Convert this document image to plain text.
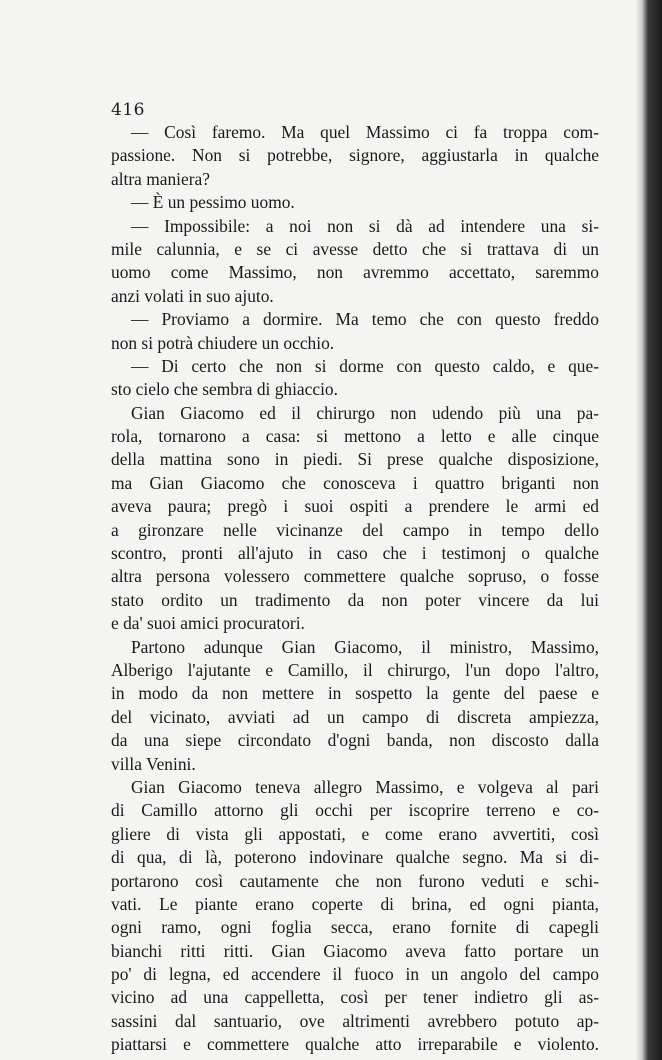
416
— Così faremo. Ma quel Massimo ci fa troppa com-
passione. Non si potrebbe, signore, aggiustarla in qualche
altra maniera?
— È un pessimo uomo.
— Impossibile: a noi non si dà ad intendere una si-
mile calunnia, e se ci avesse detto che si trattava di un
uomo come Massimo, non avremmo accettato, saremmo
anzi volati in suo ajuto.
— Proviamo a dormire. Ma temo che con questo freddo
non si potrà chiudere un occhio.
— Di certo che non si dorme con questo caldo, e que-
sto cielo che sembra di ghiaccio.
Gian Giacomo ed il chirurgo non udendo più una pa-
rola, tornarono a casa: si mettono a letto e alle cinque
della mattina sono in piedi. Si prese qualche disposizione,
ma Gian Giacomo che conosceva i quattro briganti non
aveva paura; pregò i suoi ospiti a prendere le armi ed
a gironzare nelle vicinanze del campo in tempo dello
scontro, pronti all'ajuto in caso che i testimonj o qualche
altra persona volessero commettere qualche sopruso, o fosse
stato ordito un tradimento da non poter vincere da lui
e da' suoi amici procuratori.
Partono adunque Gian Giacomo, il ministro, Massimo,
Alberigo l'ajutante e Camillo, il chirurgo, l'un dopo l'altro,
in modo da non mettere in sospetto la gente del paese e
del vicinato, avviati ad un campo di discreta ampiezza,
da una siepe circondato d'ogni banda, non discosto dalla
villa Venini.
Gian Giacomo teneva allegro Massimo, e volgeva al pari
di Camillo attorno gli occhi per iscoprire terreno e co-
gliere di vista gli appostati, e come erano avvertiti, così
di qua, di là, poterono indovinare qualche segno. Ma si di-
portarono così cautamente che non furono veduti e schi-
vati. Le piante erano coperte di brina, ed ogni pianta,
ogni ramo, ogni foglia secca, erano fornite di capegli
bianchi ritti ritti. Gian Giacomo aveva fatto portare un
po' di legna, ed accendere il fuoco in un angolo del campo
vicino ad una cappelletta, così per tener indietro gli as-
sassini dal santuario, ove altrimenti avrebbero potuto ap-
piattarsi e commettere qualche atto irreparabile e violento.
